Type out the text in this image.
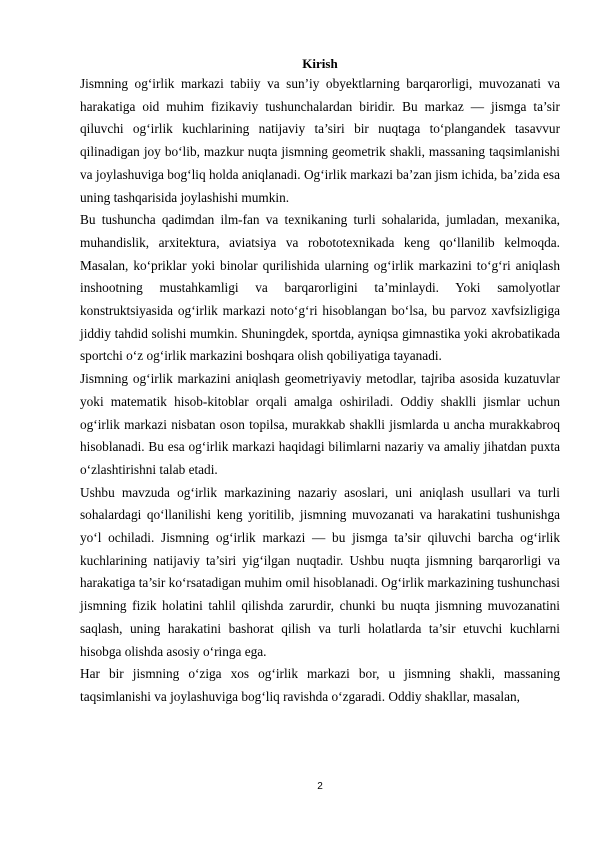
Kirish

Jismning og‘irlik markazi tabiiy va sun’iy obyektlarning barqarorligi, muvozanati va harakatiga oid muhim fizikaviy tushunchalardan biridir. Bu markaz — jismga ta’sir qiluvchi og‘irlik kuchlarining natijaviy ta’siri bir nuqtaga to‘plangandek tasavvur qilinadigan joy bo‘lib, mazkur nuqta jismning geometrik shakli, massaning taqsimlanishi va joylashuviga bog‘liq holda aniqlanadi. Og‘irlik markazi ba’zan jism ichida, ba’zida esa uning tashqarisida joylashishi mumkin.

Bu tushuncha qadimdan ilm-fan va texnikaning turli sohalarida, jumladan, mexanika, muhandislik, arxitektura, aviatsiya va robototexnikada keng qo‘llanilib kelmoqda. Masalan, ko‘priklar yoki binolar qurilishida ularning og‘irlik markazini to‘g‘ri aniqlash inshootning mustahkamligi va barqarorligini ta’minlaydi. Yoki samolyotlar konstruktsiyasida og‘irlik markazi noto‘g‘ri hisoblangan bo‘lsa, bu parvoz xavfsizligiga jiddiy tahdid solishi mumkin. Shuningdek, sportda, ayniqsa gimnastika yoki akrobatikada sportchi o‘z og‘irlik markazini boshqara olish qobiliyatiga tayanadi.

Jismning og‘irlik markazini aniqlash geometriyaviy metodlar, tajriba asosida kuzatuvlar yoki matematik hisob-kitoblar orqali amalga oshiriladi. Oddiy shaklli jismlar uchun og‘irlik markazi nisbatan oson topilsa, murakkab shaklli jismlarda u ancha murakkabroq hisoblanadi. Bu esa og‘irlik markazi haqidagi bilimlarni nazariy va amaliy jihatdan puxta o‘zlashtirishni talab etadi.

Ushbu mavzuda og‘irlik markazining nazariy asoslari, uni aniqlash usullari va turli sohalardagi qo‘llanilishi keng yoritilib, jismning muvozanati va harakatini tushunishga yo‘l ochiladi. Jismning og‘irlik markazi — bu jismga ta’sir qiluvchi barcha og‘irlik kuchlarining natijaviy ta’siri yig‘ilgan nuqtadir. Ushbu nuqta jismning barqarorligi va harakatiga ta’sir ko‘rsatadigan muhim omil hisoblanadi. Og‘irlik markazining tushunchasi jismning fizik holatini tahlil qilishda zarurdir, chunki bu nuqta jismning muvozanatini saqlash, uning harakatini bashorat qilish va turli holatlarda ta’sir etuvchi kuchlarni hisobga olishda asosiy o‘ringa ega.

Har bir jismning o‘ziga xos og‘irlik markazi bor, u jismning shakli, massaning taqsimlanishi va joylashuviga bog‘liq ravishda o‘zgaradi. Oddiy shakllar, masalan,

2
